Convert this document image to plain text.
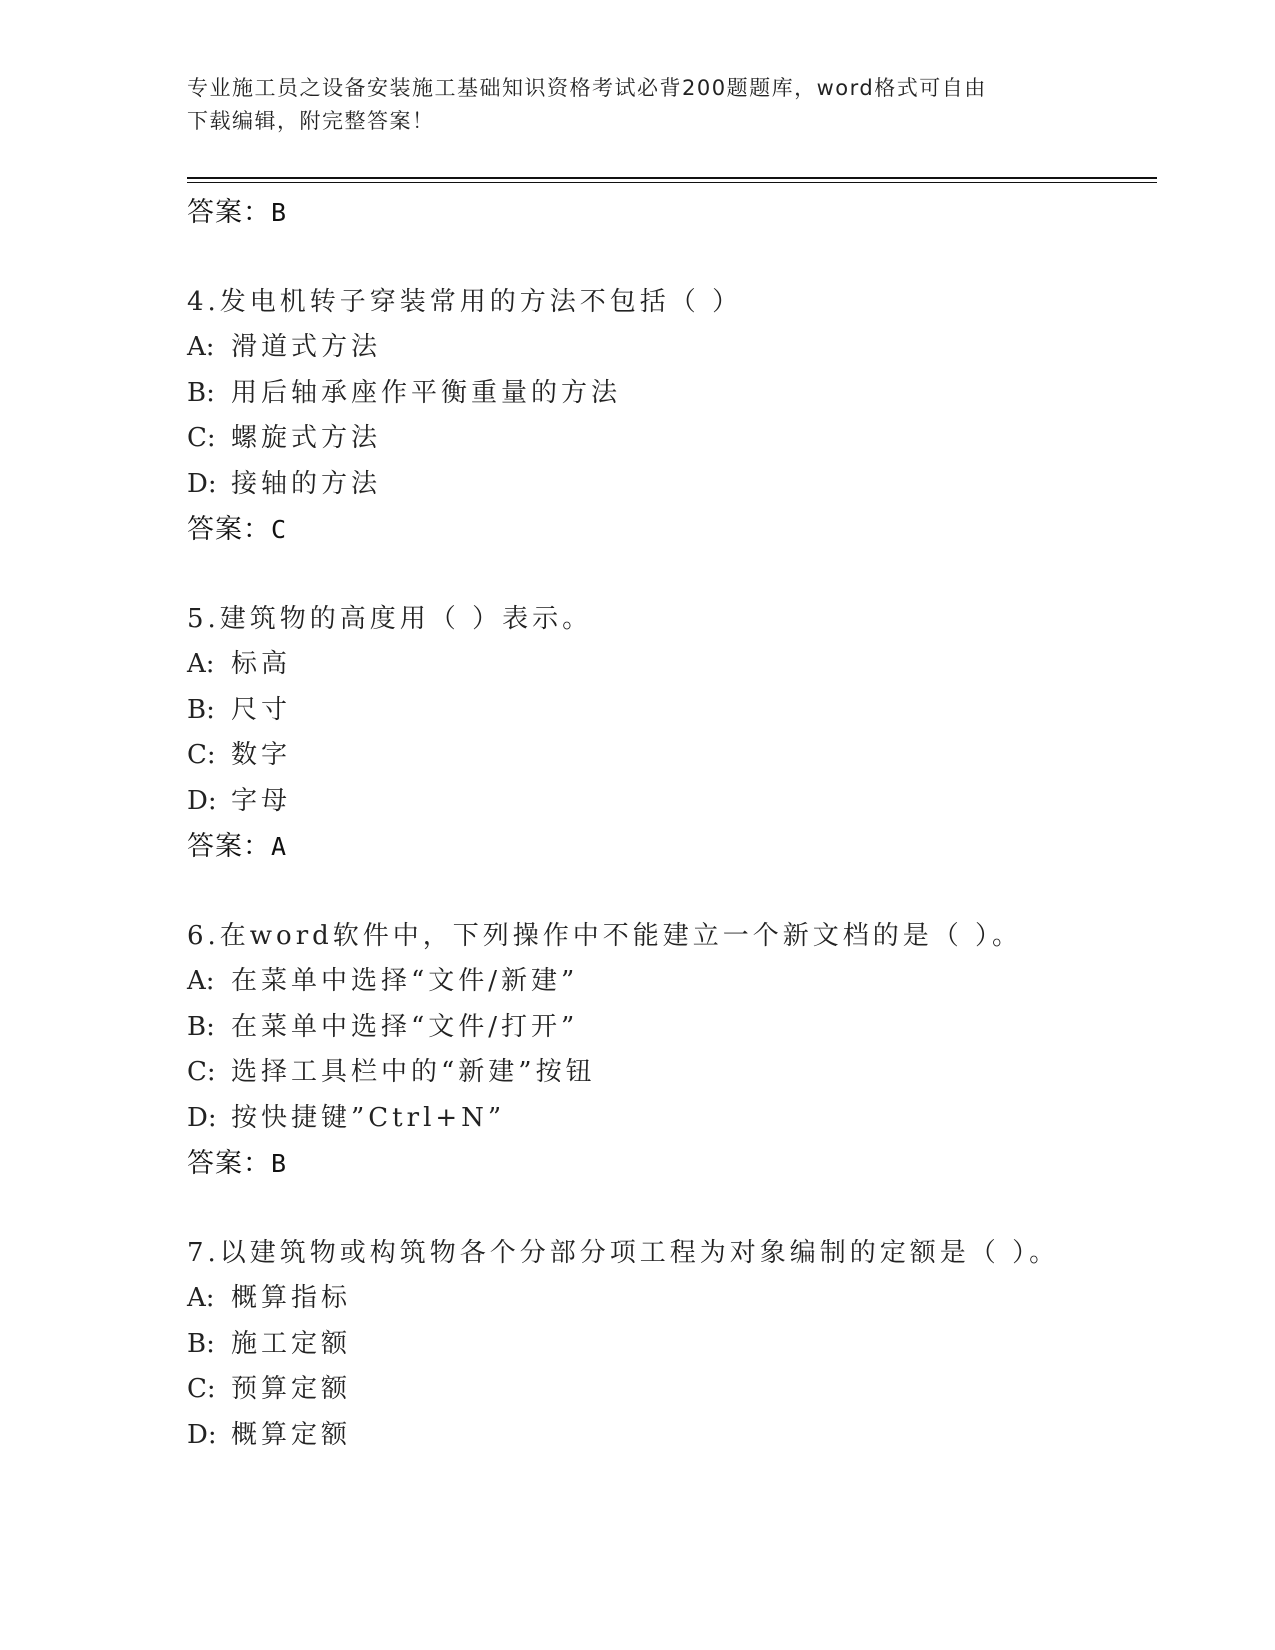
专业施工员之设备安装施工基础知识资格考试必背200题题库，word格式可自由
下载编辑，附完整答案！
答案：B
4.发电机转子穿装常用的方法不包括（ ）
A: 滑道式方法
B: 用后轴承座作平衡重量的方法
C: 螺旋式方法
D: 接轴的方法
答案：C
5.建筑物的高度用（ ）表示。
A: 标高
B: 尺寸
C: 数字
D: 字母
答案：A
6.在word软件中，下列操作中不能建立一个新文档的是（ ）。
A: 在菜单中选择“文件/新建”
B: 在菜单中选择“文件/打开”
C: 选择工具栏中的“新建”按钮
D: 按快捷键”Ctrl+N”
答案：B
7.以建筑物或构筑物各个分部分项工程为对象编制的定额是（ ）。
A: 概算指标
B: 施工定额
C: 预算定额
D: 概算定额
